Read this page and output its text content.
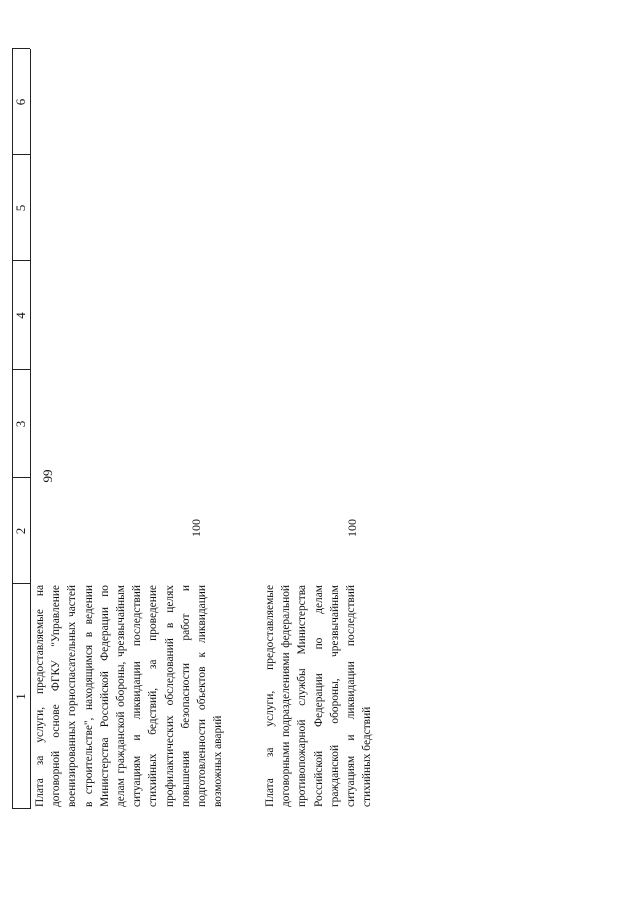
99
1
2
3
4
5
6
Плата за услуги, предоставляемые на договорной основе ФГКУ "Управление военизированных горноспасательных частей в строительстве", находящимся в ведении Министерства Российской Федерации по делам гражданской обороны, чрезвычайным ситуациям и ликвидации последствий стихийных бедствий, за проведение профилактических обследований в целях повышения безопасности работ и подготовленности объектов к ликвидации возможных аварий
100
Плата за услуги, предоставляемые договорными подразделениями федеральной противопожарной службы Министерства Российской Федерации по делам гражданской обороны, чрезвычайным ситуациям и ликвидации последствий стихийных бедствий
100
